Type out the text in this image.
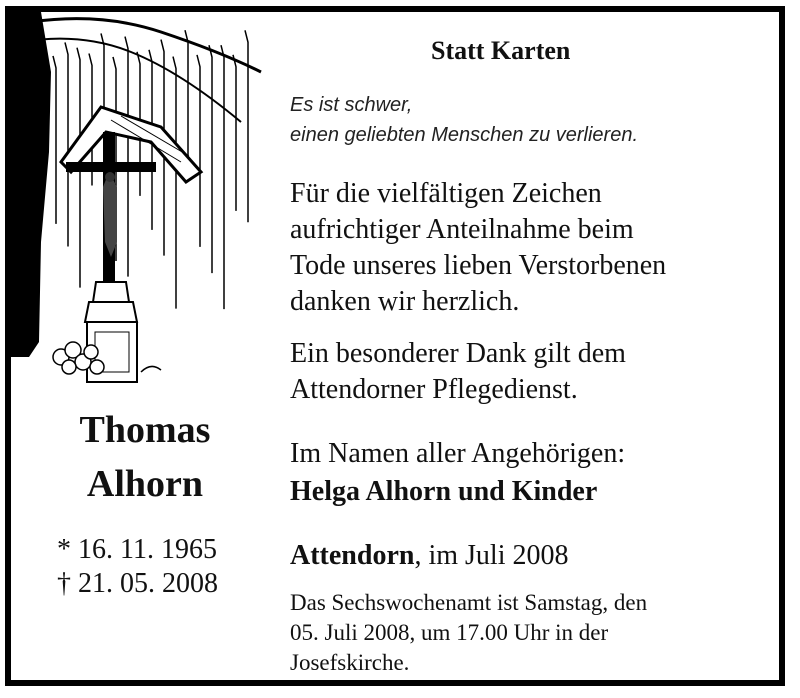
Statt Karten
Es ist schwer,
einen geliebten Menschen zu verlieren.
Für die vielfältigen Zeichen
aufrichtiger Anteilnahme beim
Tode unseres lieben Verstorbenen
danken wir herzlich.
Ein besonderer Dank gilt dem
Attendorner Pflegedienst.
Im Namen aller Angehörigen:
Helga Alhorn und Kinder
Attendorn, im Juli 2008
Das Sechswochenamt ist Samstag, den
05. Juli 2008, um 17.00 Uhr in der
Josefskirche.
Thomas
Alhorn
* 16. 11. 1965
† 21. 05. 2008
